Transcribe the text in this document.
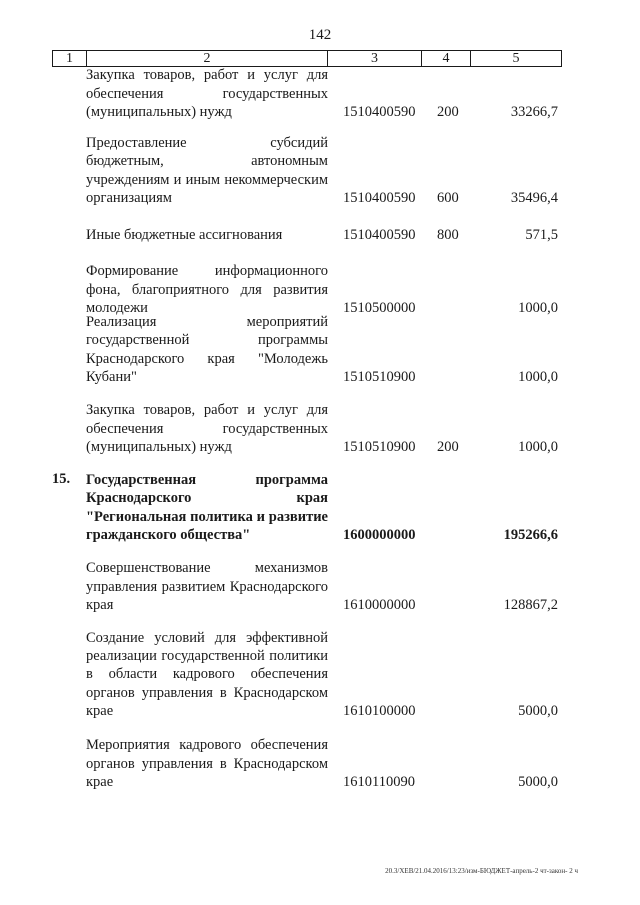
142
1	2	3	4	5
Закупка товаров, работ и услуг для обеспечения государственных (муниципальных) нужд	1510400590 200	33266,7
Предоставление субсидий бюджетным, автономным учреждениям и иным некоммерческим организациям	1510400590 600	35496,4
Иные бюджетные ассигнования	1510400590 800	571,5
Формирование информационного фона, благоприятного для развития молодежи	1510500000	1000,0
Реализация мероприятий государственной программы Краснодарского края "Молодежь Кубани"	1510510900	1000,0
Закупка товаров, работ и услуг для обеспечения государственных (муниципальных) нужд	1510510900 200	1000,0
15. Государственная программа Краснодарского края "Региональная политика и развитие гражданского общества"	1600000000	195266,6
Совершенствование механизмов управления развитием Краснодарского края	1610000000	128867,2
Создание условий для эффективной реализации государственной политики в области кадрового обеспечения органов управления в Краснодарском крае	1610100000	5000,0
Мероприятия кадрового обеспечения органов управления в Краснодарском крае	1610110090	5000,0
20.3/ХЕВ/21.04.2016/13:23/изм-БЮДЖЕТ-апрель-2 чт-закон- 2 ч
